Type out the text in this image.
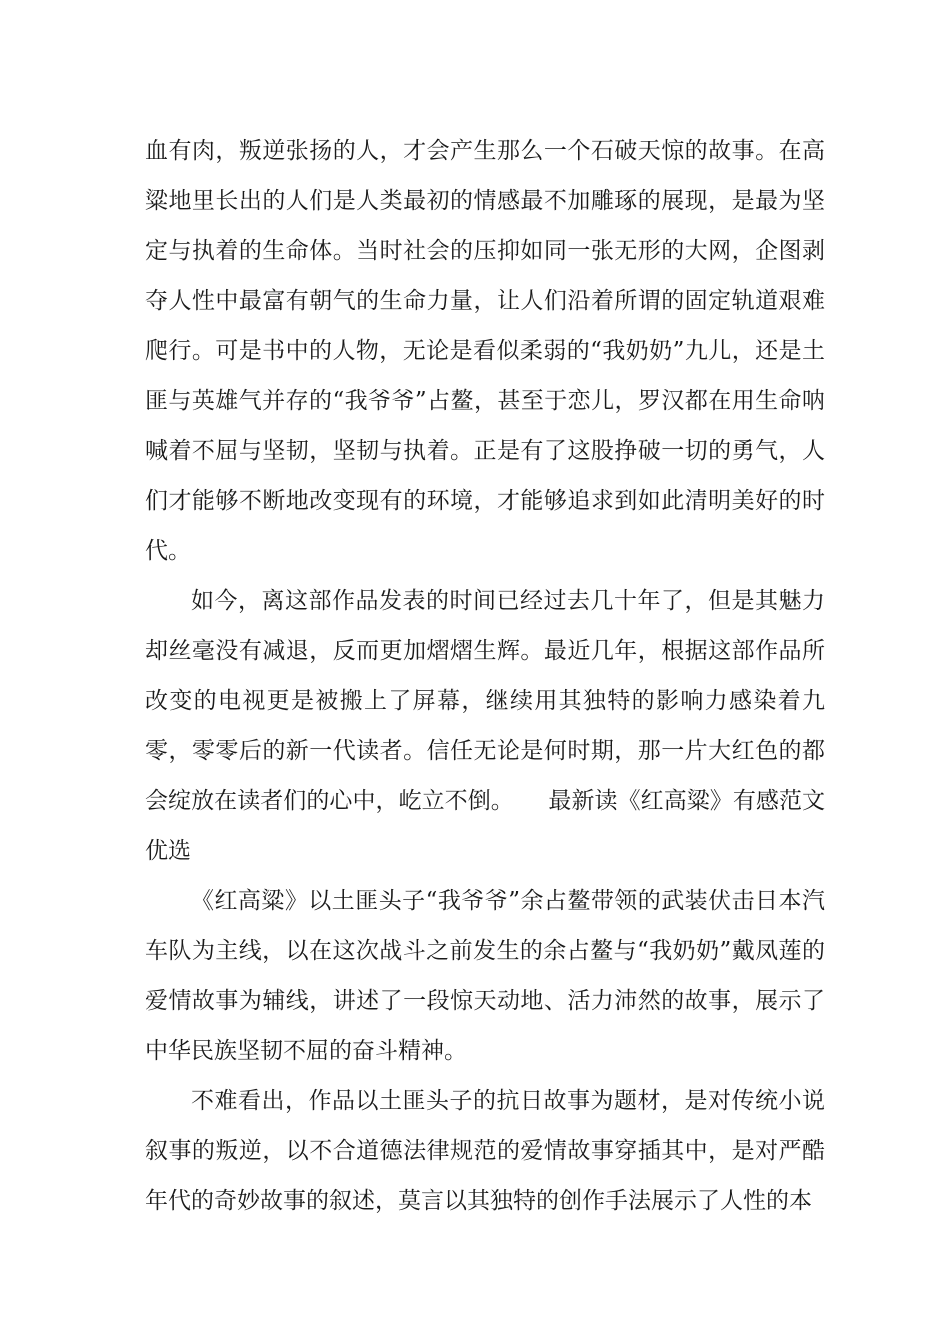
血有肉，叛逆张扬的人，才会产生那么一个石破天惊的故事。在高粱地里长出的人们是人类最初的情感最不加雕琢的展现，是最为坚定与执着的生命体。当时社会的压抑如同一张无形的大网，企图剥夺人性中最富有朝气的生命力量，让人们沿着所谓的固定轨道艰难爬行。可是书中的人物，无论是看似柔弱的“我奶奶”九儿，还是土匪与英雄气并存的“我爷爷”占鳌，甚至于恋儿，罗汉都在用生命呐喊着不屈与坚韧，坚韧与执着。正是有了这股挣破一切的勇气，人们才能够不断地改变现有的环境，才能够追求到如此清明美好的时代。

如今，离这部作品发表的时间已经过去几十年了，但是其魅力却丝毫没有减退，反而更加熠熠生辉。最近几年，根据这部作品所改变的电视更是被搬上了屏幕，继续用其独特的影响力感染着九零，零零后的新一代读者。信任无论是何时期，那一片大红色的都会绽放在读者们的心中，屹立不倒。　　最新读《红高粱》有感范文优选

《红高粱》以土匪头子“我爷爷”余占鳌带领的武装伏击日本汽车队为主线，以在这次战斗之前发生的余占鳌与“我奶奶”戴凤莲的爱情故事为辅线，讲述了一段惊天动地、活力沛然的故事，展示了中华民族坚韧不屈的奋斗精神。

不难看出，作品以土匪头子的抗日故事为题材，是对传统小说叙事的叛逆，以不合道德法律规范的爱情故事穿插其中，是对严酷年代的奇妙故事的叙述，莫言以其独特的创作手法展示了人性的本
